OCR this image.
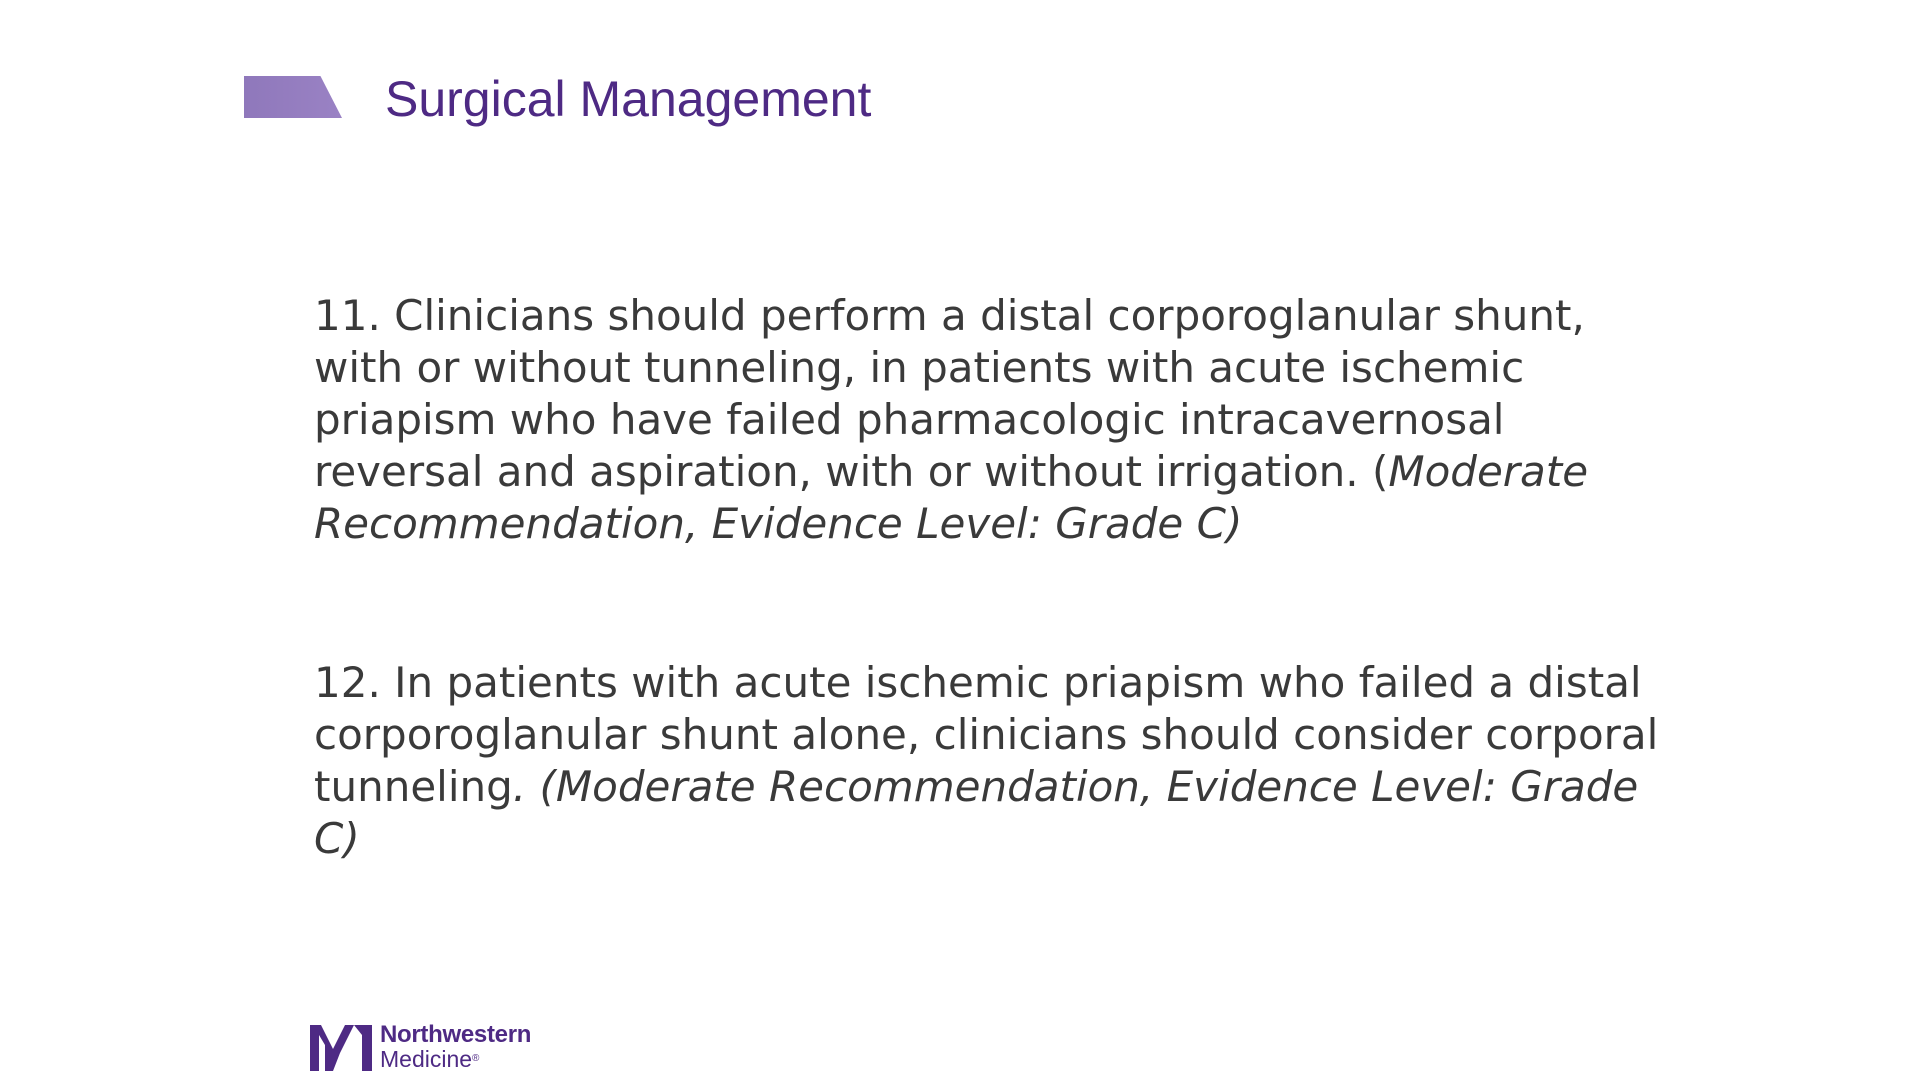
Surgical Management

11. Clinicians should perform a distal corporoglanular shunt, with or without tunneling, in patients with acute ischemic priapism who have failed pharmacologic intracavernosal reversal and aspiration, with or without irrigation. (Moderate Recommendation, Evidence Level: Grade C)

12. In patients with acute ischemic priapism who failed a distal corporoglanular shunt alone, clinicians should consider corporal tunneling. (Moderate Recommendation, Evidence Level: Grade C)

Northwestern
Medicine®
